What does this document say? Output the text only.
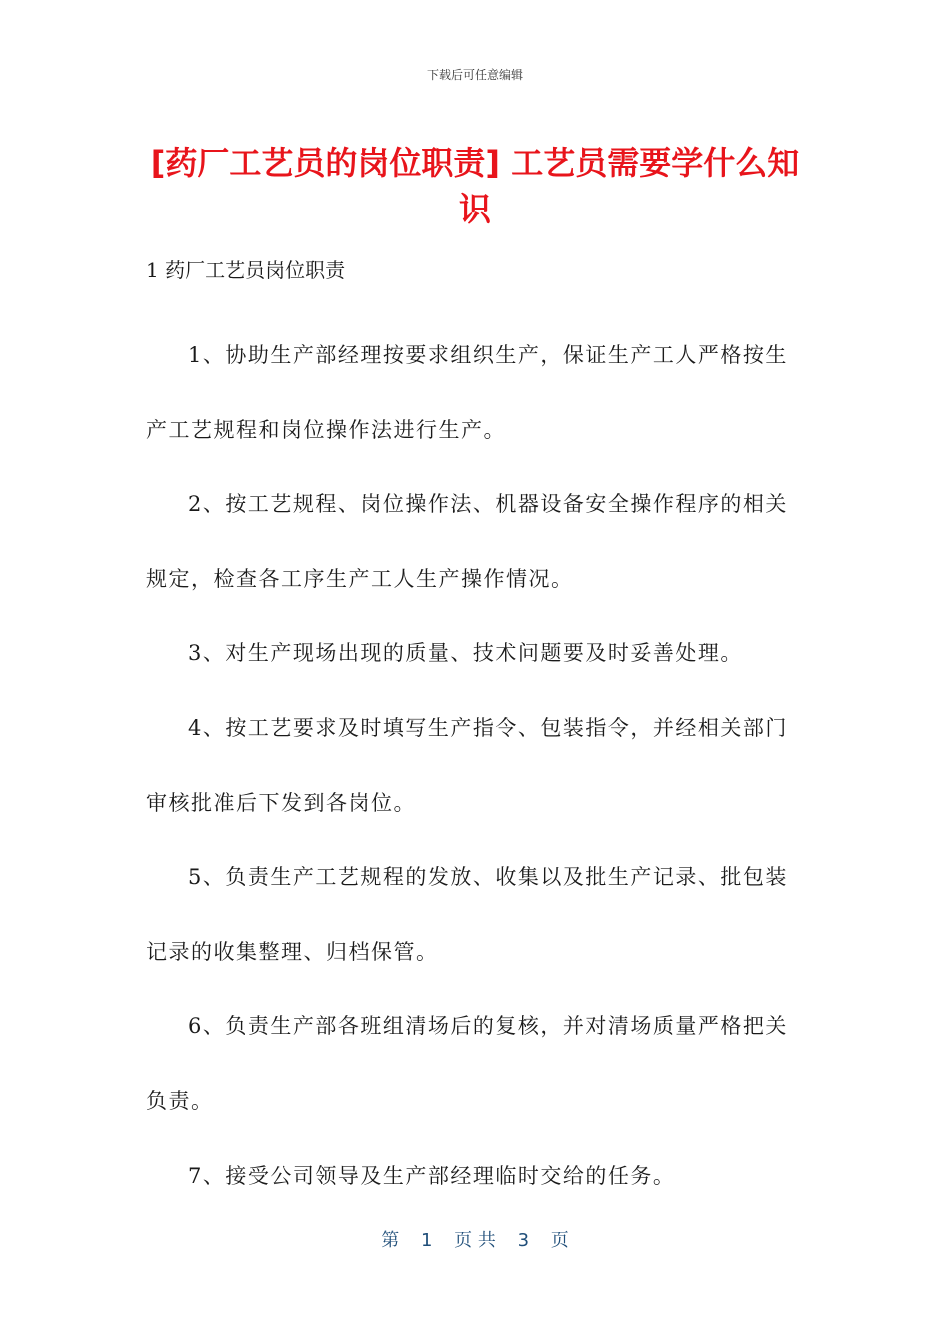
下载后可任意编辑
[药厂工艺员的岗位职责] 工艺员需要学什么知识
1 药厂工艺员岗位职责

1、协助生产部经理按要求组织生产，保证生产工人严格按生产工艺规程和岗位操作法进行生产。

2、按工艺规程、岗位操作法、机器设备安全操作程序的相关规定，检查各工序生产工人生产操作情况。

3、对生产现场出现的质量、技术问题要及时妥善处理。

4、按工艺要求及时填写生产指令、包装指令，并经相关部门审核批准后下发到各岗位。

5、负责生产工艺规程的发放、收集以及批生产记录、批包装记录的收集整理、归档保管。

6、负责生产部各班组清场后的复核，并对清场质量严格把关负责。

7、接受公司领导及生产部经理临时交给的任务。

第 1 页 共 3 页
